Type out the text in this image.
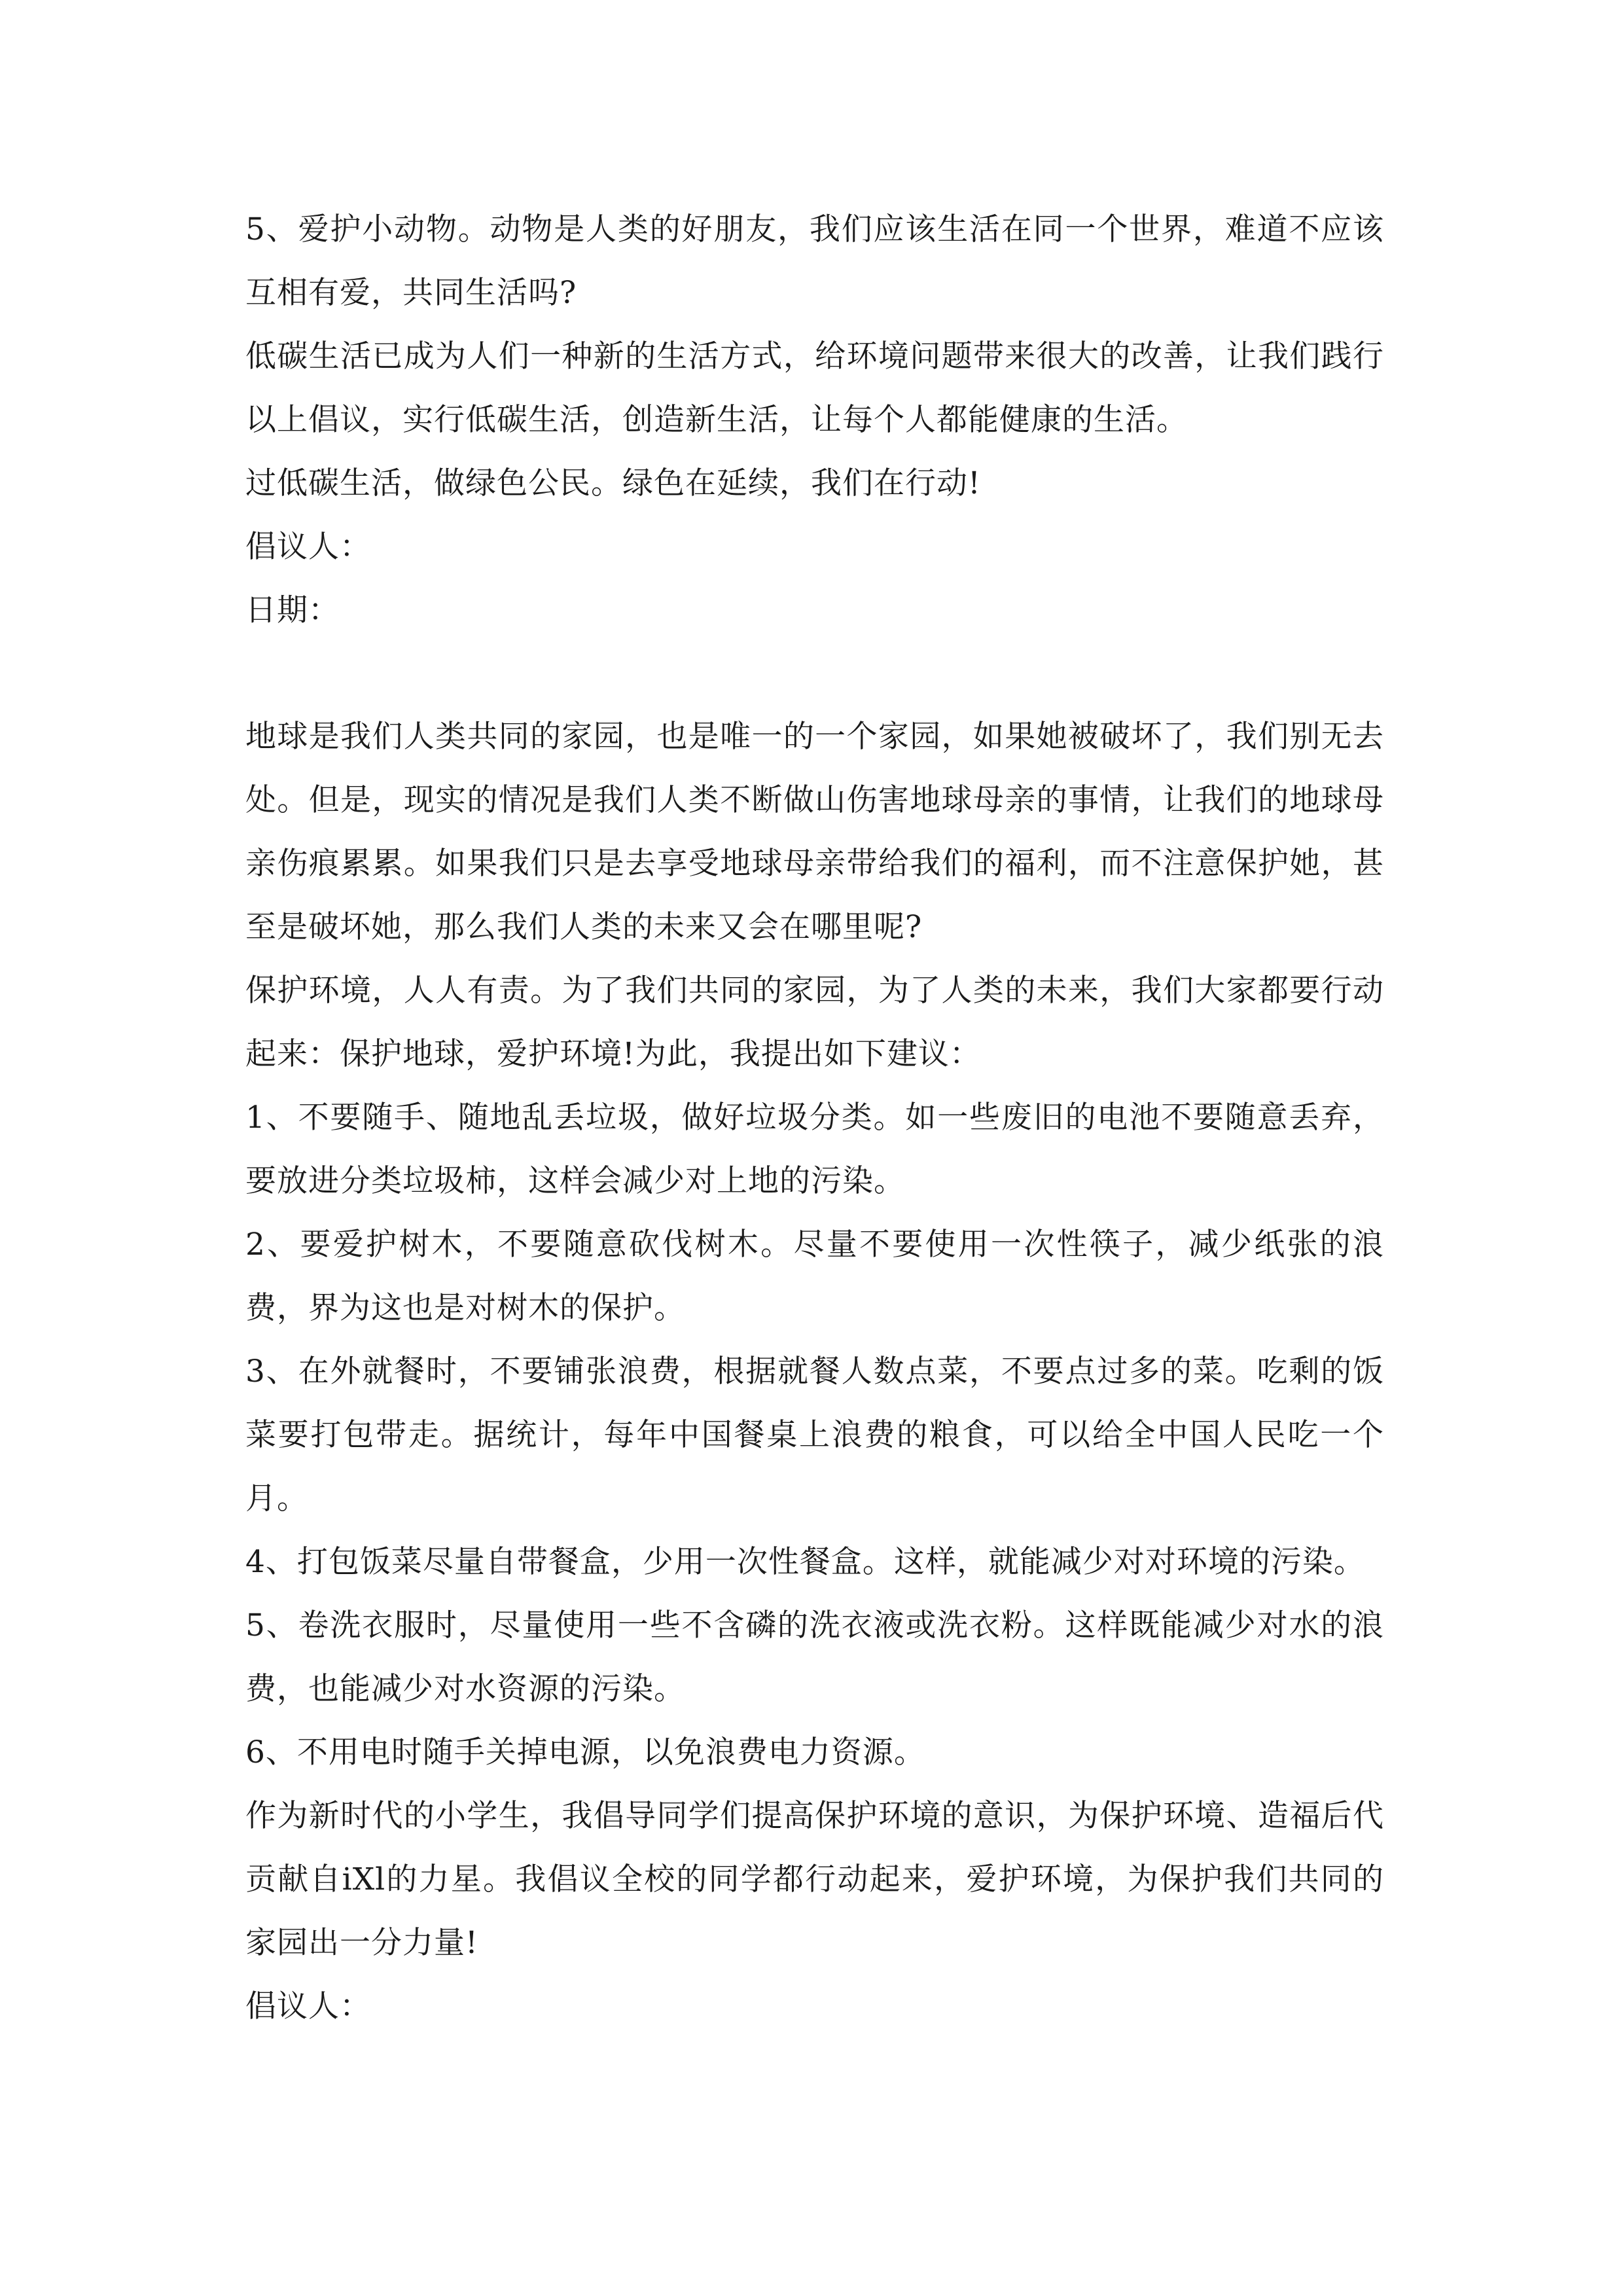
5、爱护小动物。动物是人类的好朋友，我们应该生活在同一个世界，难道不应该互相有爱，共同生活吗?

低碳生活已成为人们一种新的生活方式，给环境问题带来很大的改善，让我们践行以上倡议，实行低碳生活，创造新生活，让每个人都能健康的生活。

过低碳生活，做绿色公民。绿色在延续，我们在行动!

倡议人：

日期：

地球是我们人类共同的家园，也是唯一的一个家园，如果她被破坏了，我们别无去处。但是，现实的情况是我们人类不断做山伤害地球母亲的事情，让我们的地球母亲伤痕累累。如果我们只是去享受地球母亲带给我们的福利，而不注意保护她，甚至是破坏她，那么我们人类的未来又会在哪里呢?

保护环境，人人有责。为了我们共同的家园，为了人类的未来，我们大家都要行动起来：保护地球，爱护环境!为此，我提出如下建议：

1、不要随手、随地乱丢垃圾，做好垃圾分类。如一些废旧的电池不要随意丢弃，要放进分类垃圾柿，这样会减少对上地的污染。

2、要爱护树木，不要随意砍伐树木。尽量不要使用一次性筷子，减少纸张的浪费，界为这也是对树木的保护。

3、在外就餐时，不要铺张浪费，根据就餐人数点菜，不要点过多的菜。吃剩的饭菜要打包带走。据统计，每年中国餐桌上浪费的粮食，可以给全中国人民吃一个月。

4、打包饭菜尽量自带餐盒，少用一次性餐盒。这样，就能减少对对环境的污染。

5、卷洗衣服时，尽量使用一些不含磷的洗衣液或洗衣粉。这样既能减少对水的浪费，也能减少对水资源的污染。

6、不用电时随手关掉电源，以免浪费电力资源。

作为新时代的小学生，我倡导同学们提高保护环境的意识，为保护环境、造福后代贡献自iXl的力星。我倡议全校的同学都行动起来，爱护环境，为保护我们共同的家园出一分力量!

倡议人：
